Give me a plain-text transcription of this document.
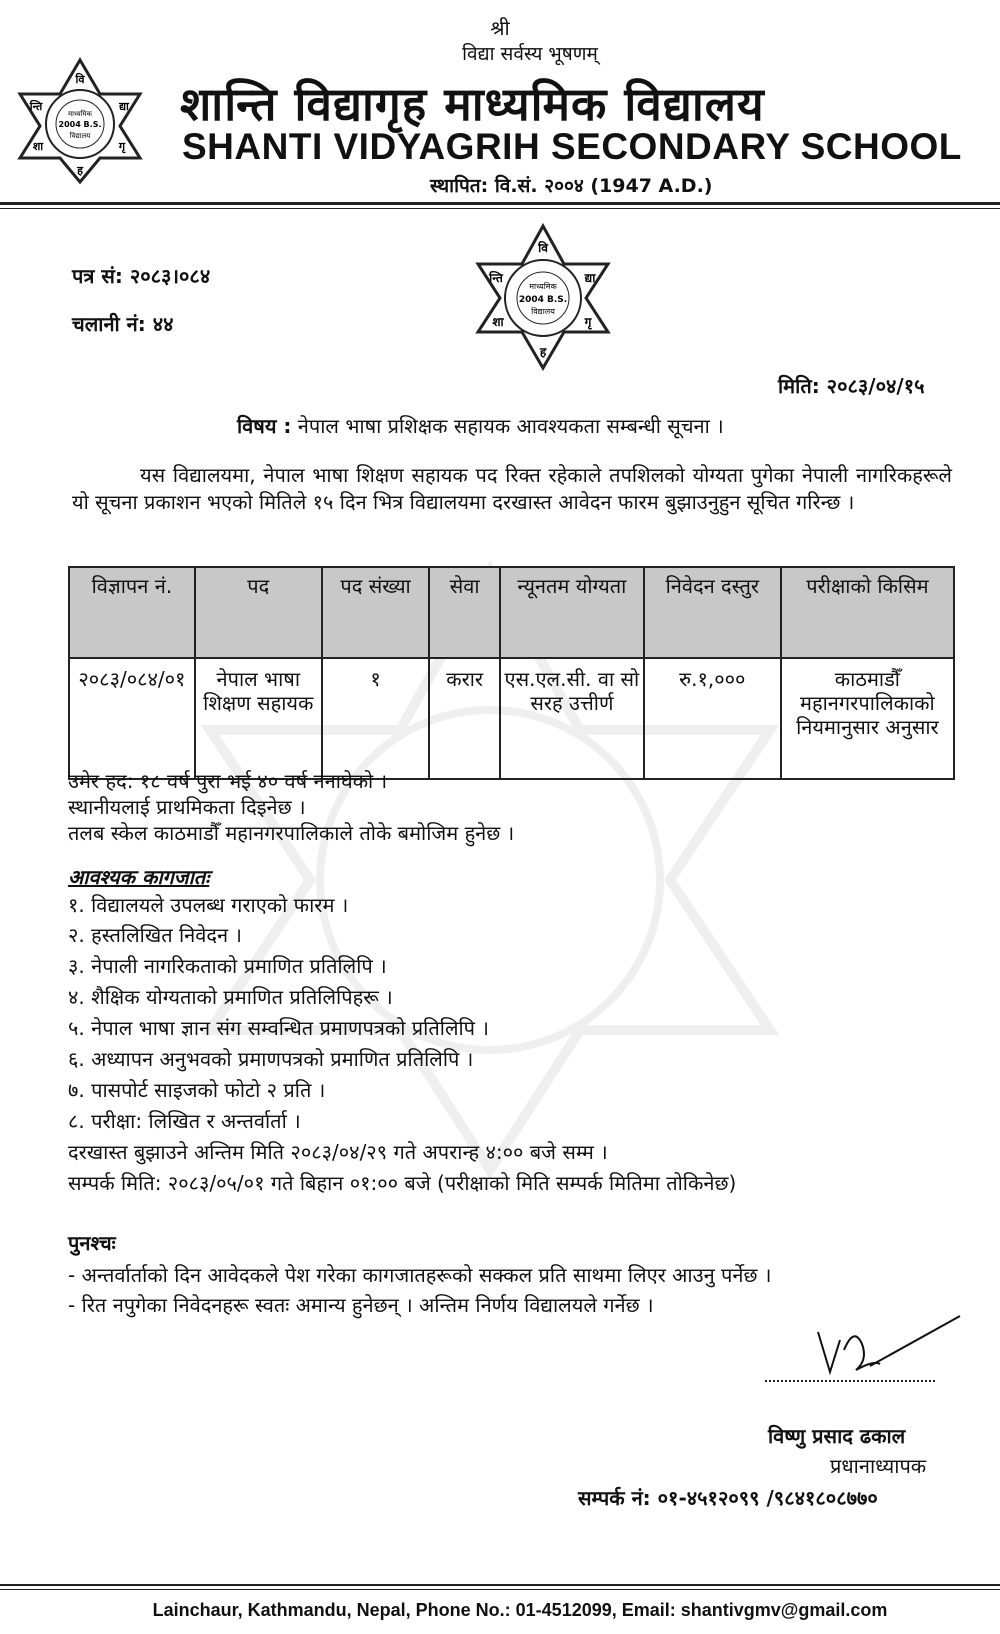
श्री
विद्या सर्वस्य भूषणम्
वि
द्या
गृ
ह
शा
न्ति
माध्यमिक
2004 B.S.
विद्यालय
शान्ति विद्यागृह माध्यमिक विद्यालय
SHANTI VIDYAGRIH SECONDARY SCHOOL
स्थापित: वि.सं. २००४ (1947 A.D.)
वि
द्या
गृ
ह
शा
न्ति
माध्यमिक
2004 B.S.
विद्यालय
पत्र सं: २०८३।०८४
चलानी नं: ४४
मिति: २०८३/०४/१५
विषय : नेपाल भाषा प्रशिक्षक सहायक आवश्यकता सम्बन्धी सूचना ।
यस विद्यालयमा, नेपाल भाषा शिक्षण सहायक पद रिक्त रहेकाले तपशिलको योग्यता पुगेका नेपाली नागरिकहरूले यो सूचना प्रकाशन भएको मितिले १५ दिन भित्र विद्यालयमा दरखास्त आवेदन फारम बुझाउनुहुन सूचित गरिन्छ ।
विज्ञापन नं.	पद	पद संख्या	सेवा	न्यूनतम योग्यता	निवेदन दस्तुर	परीक्षाको किसिम
२०८३/०८४/०१	नेपाल भाषा शिक्षण सहायक	१	करार	एस.एल.सी. वा सो सरह उत्तीर्ण	रु.१,०००	काठमाडौँ महानगरपालिकाको नियमानुसार अनुसार
उमेर हद: १८ वर्ष पुरा भई ४० वर्ष ननाघेको ।
स्थानीयलाई प्राथमिकता दिइनेछ ।
तलब स्केल काठमाडौँ महानगरपालिकाले तोके बमोजिम हुनेछ ।
आवश्यक कागजातः
१. विद्यालयले उपलब्ध गराएको फारम ।
२. हस्तलिखित निवेदन ।
३. नेपाली नागरिकताको प्रमाणित प्रतिलिपि ।
४. शैक्षिक योग्यताको प्रमाणित प्रतिलिपिहरू ।
५. नेपाल भाषा ज्ञान संग सम्वन्धित प्रमाणपत्रको प्रतिलिपि ।
६. अध्यापन अनुभवको प्रमाणपत्रको प्रमाणित प्रतिलिपि ।
७. पासपोर्ट साइजको फोटो २ प्रति ।
८. परीक्षा: लिखित र अन्तर्वार्ता ।
दरखास्त बुझाउने अन्तिम मिति २०८३/०४/२९ गते अपरान्ह ४:०० बजे सम्म ।
सम्पर्क मिति: २०८३/०५/०१ गते बिहान ०१:०० बजे (परीक्षाको मिति सम्पर्क मितिमा तोकिनेछ)
पुनश्चः
- अन्तर्वार्ताको दिन आवेदकले पेश गरेका कागजातहरूको सक्कल प्रति साथमा लिएर आउनु पर्नेछ ।
- रित नपुगेका निवेदनहरू स्वतः अमान्य हुनेछन् । अन्तिम निर्णय विद्यालयले गर्नेछ ।
विष्णु प्रसाद ढकाल
प्रधानाध्यापक
सम्पर्क नं: ०१-४५१२०९९ /९८४१८०८७७०
Lainchaur, Kathmandu, Nepal, Phone No.: 01-4512099, Email: shantivgmv@gmail.com
